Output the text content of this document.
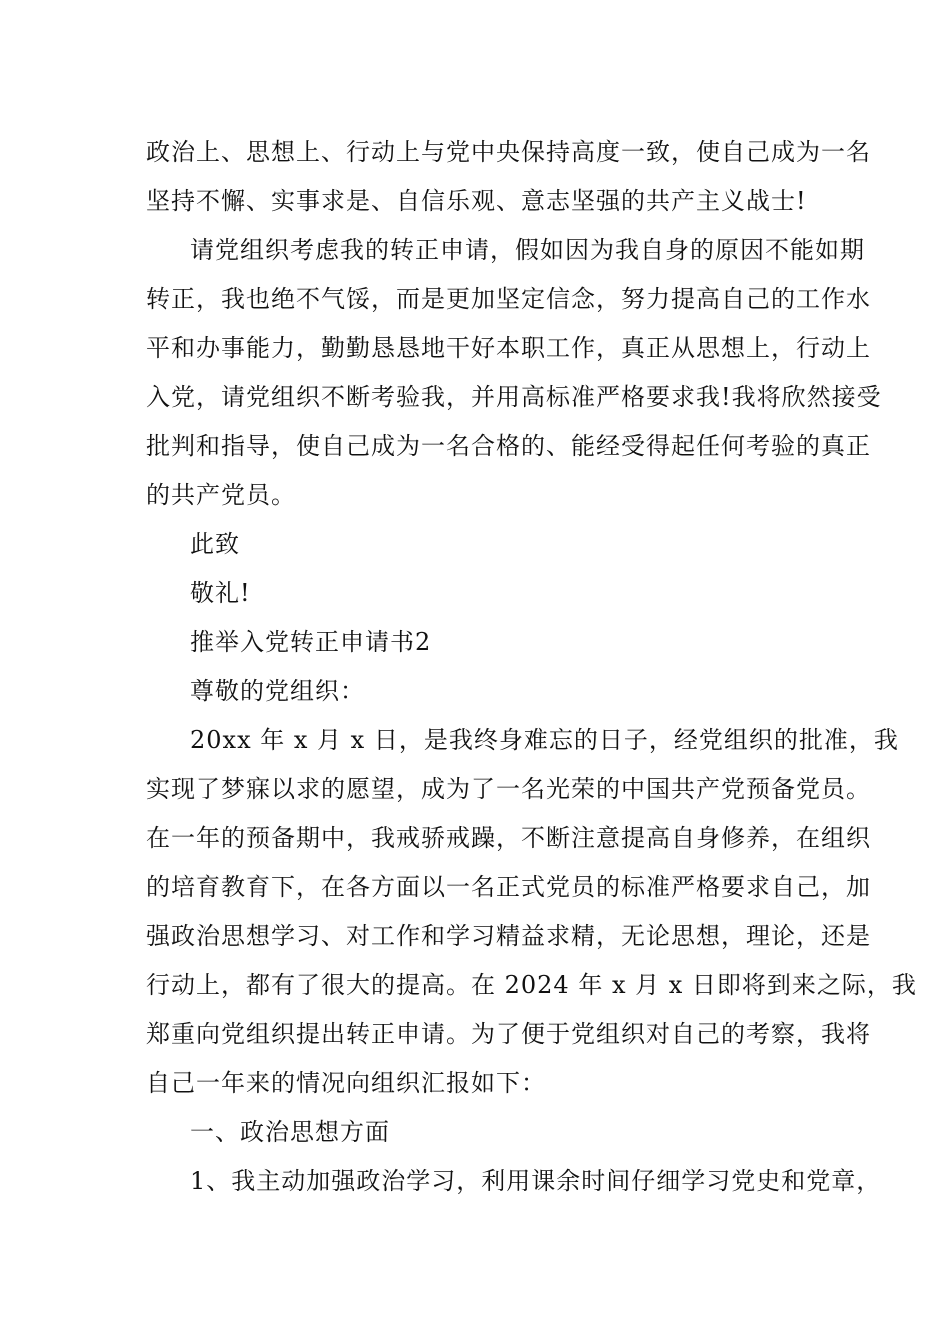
政治上、思想上、行动上与党中央保持高度一致，使自己成为一名
坚持不懈、实事求是、自信乐观、意志坚强的共产主义战士!
请党组织考虑我的转正申请，假如因为我自身的原因不能如期
转正，我也绝不气馁，而是更加坚定信念，努力提高自己的工作水
平和办事能力，勤勤恳恳地干好本职工作，真正从思想上，行动上
入党，请党组织不断考验我，并用高标准严格要求我!我将欣然接受
批判和指导，使自己成为一名合格的、能经受得起任何考验的真正
的共产党员。
此致
敬礼!
推举入党转正申请书2
尊敬的党组织：
20xx 年 x 月 x 日，是我终身难忘的日子，经党组织的批准，我
实现了梦寐以求的愿望，成为了一名光荣的中国共产党预备党员。
在一年的预备期中，我戒骄戒躁，不断注意提高自身修养，在组织
的培育教育下，在各方面以一名正式党员的标准严格要求自己，加
强政治思想学习、对工作和学习精益求精，无论思想，理论，还是
行动上，都有了很大的提高。在 2024 年 x 月 x 日即将到来之际，我
郑重向党组织提出转正申请。为了便于党组织对自己的考察，我将
自己一年来的情况向组织汇报如下：
一、政治思想方面
1、我主动加强政治学习，利用课余时间仔细学习党史和党章，
